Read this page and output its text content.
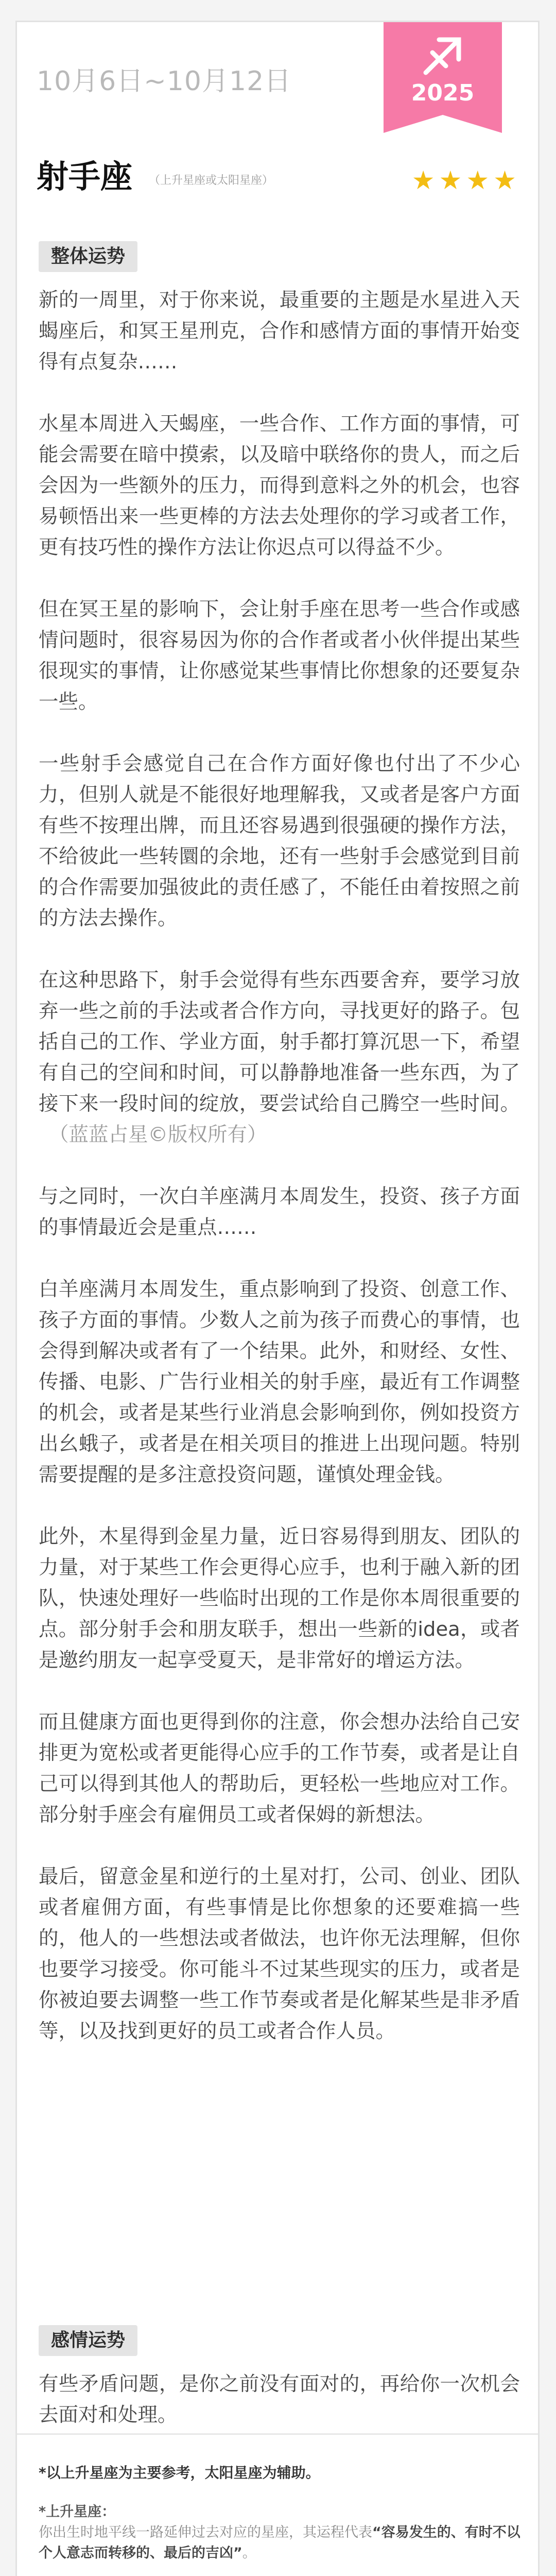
10月6日~10月12日	2025
射手座 （上升星座或太阳星座）	★★★★
整体运势

新的一周里，对于你来说，最重要的主题是水星进入天蝎座后，和冥王星刑克，合作和感情方面的事情开始变得有点复杂……

水星本周进入天蝎座，一些合作、工作方面的事情，可能会需要在暗中摸索，以及暗中联络你的贵人，而之后会因为一些额外的压力，而得到意料之外的机会，也容易顿悟出来一些更棒的方法去处理你的学习或者工作，更有技巧性的操作方法让你迟点可以得益不少。

但在冥王星的影响下，会让射手座在思考一些合作或感情问题时，很容易因为你的合作者或者小伙伴提出某些很现实的事情，让你感觉某些事情比你想象的还要复杂一些。

一些射手会感觉自己在合作方面好像也付出了不少心力，但别人就是不能很好地理解我，又或者是客户方面有些不按理出牌，而且还容易遇到很强硬的操作方法，不给彼此一些转圜的余地，还有一些射手会感觉到目前的合作需要加强彼此的责任感了，不能任由着按照之前的方法去操作。

在这种思路下，射手会觉得有些东西要舍弃，要学习放弃一些之前的手法或者合作方向，寻找更好的路子。包括自己的工作、学业方面，射手都打算沉思一下，希望有自己的空间和时间，可以静静地准备一些东西，为了接下来一段时间的绽放，要尝试给自己腾空一些时间。（蓝蓝占星©版权所有）

与之同时，一次白羊座满月本周发生，投资、孩子方面的事情最近会是重点……

白羊座满月本周发生，重点影响到了投资、创意工作、孩子方面的事情。少数人之前为孩子而费心的事情，也会得到解决或者有了一个结果。此外，和财经、女性、传播、电影、广告行业相关的射手座，最近有工作调整的机会，或者是某些行业消息会影响到你，例如投资方出幺蛾子，或者是在相关项目的推进上出现问题。特别需要提醒的是多注意投资问题，谨慎处理金钱。

此外，木星得到金星力量，近日容易得到朋友、团队的力量，对于某些工作会更得心应手，也利于融入新的团队，快速处理好一些临时出现的工作是你本周很重要的点。部分射手会和朋友联手，想出一些新的idea，或者是邀约朋友一起享受夏天，是非常好的增运方法。

而且健康方面也更得到你的注意，你会想办法给自己安排更为宽松或者更能得心应手的工作节奏，或者是让自己可以得到其他人的帮助后，更轻松一些地应对工作。部分射手座会有雇佣员工或者保姆的新想法。

最后，留意金星和逆行的土星对打，公司、创业、团队或者雇佣方面，有些事情是比你想象的还要难搞一些的，他人的一些想法或者做法，也许你无法理解，但你也要学习接受。你可能斗不过某些现实的压力，或者是你被迫要去调整一些工作节奏或者是化解某些是非矛盾等，以及找到更好的员工或者合作人员。

感情运势

有些矛盾问题，是你之前没有面对的，再给你一次机会去面对和处理。

*以上升星座为主要参考，太阳星座为辅助。

*上升星座：

你出生时地平线一路延伸过去对应的星座，其运程代表“容易发生的、有时不以个人意志而转移的、最后的吉凶”。
